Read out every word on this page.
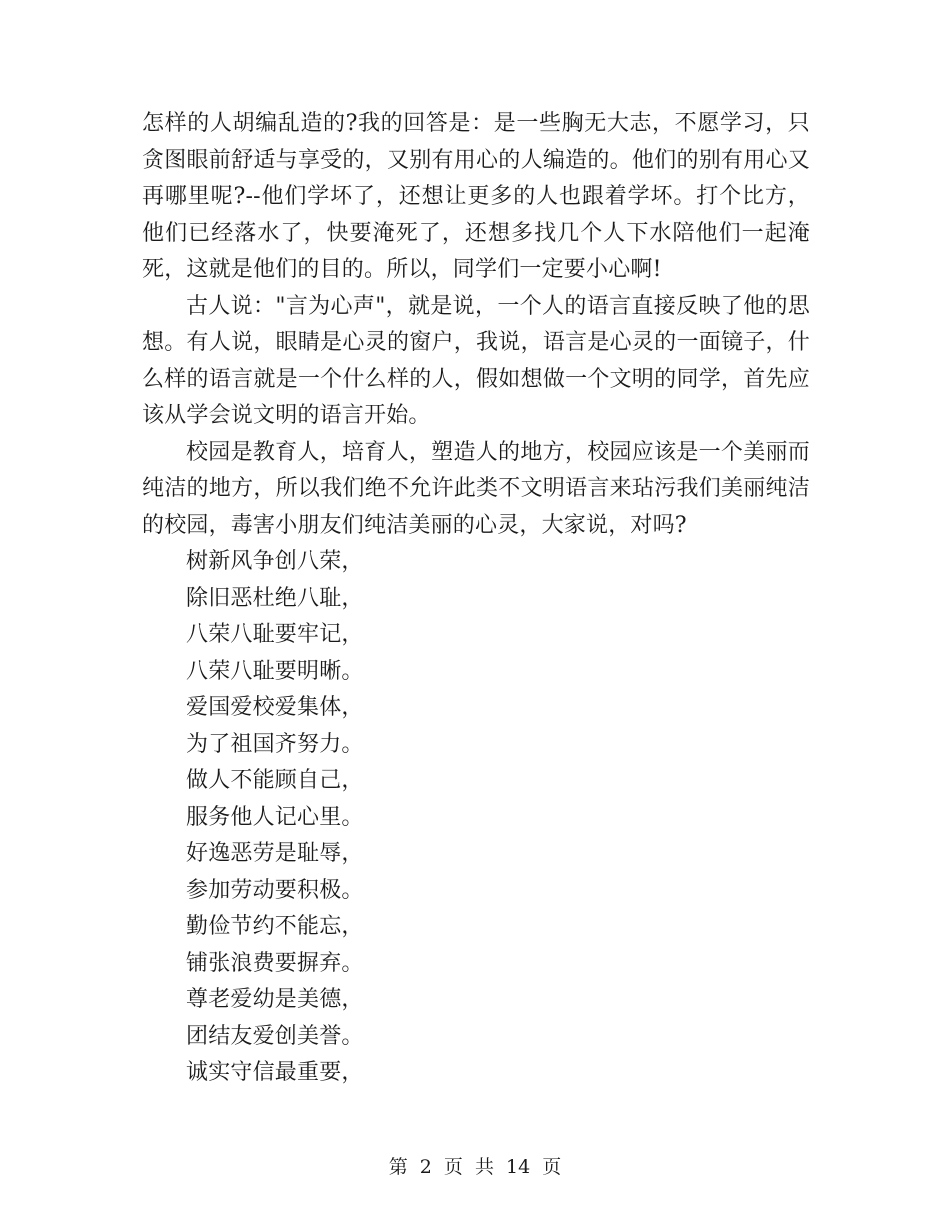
怎样的人胡编乱造的?我的回答是：是一些胸无大志，不愿学习，只贪图眼前舒适与享受的，又别有用心的人编造的。他们的别有用心又再哪里呢?--他们学坏了，还想让更多的人也跟着学坏。打个比方，他们已经落水了，快要淹死了，还想多找几个人下水陪他们一起淹死，这就是他们的目的。所以，同学们一定要小心啊!

古人说："言为心声"，就是说，一个人的语言直接反映了他的思想。有人说，眼睛是心灵的窗户，我说，语言是心灵的一面镜子，什么样的语言就是一个什么样的人，假如想做一个文明的同学，首先应该从学会说文明的语言开始。

校园是教育人，培育人，塑造人的地方，校园应该是一个美丽而纯洁的地方，所以我们绝不允许此类不文明语言来玷污我们美丽纯洁的校园，毒害小朋友们纯洁美丽的心灵，大家说，对吗?

树新风争创八荣，

除旧恶杜绝八耻，

八荣八耻要牢记，

八荣八耻要明晰。

爱国爱校爱集体，

为了祖国齐努力。

做人不能顾自己，

服务他人记心里。

好逸恶劳是耻辱，

参加劳动要积极。

勤俭节约不能忘，

铺张浪费要摒弃。

尊老爱幼是美德，

团结友爱创美誉。

诚实守信最重要，

第 2 页 共 14 页
